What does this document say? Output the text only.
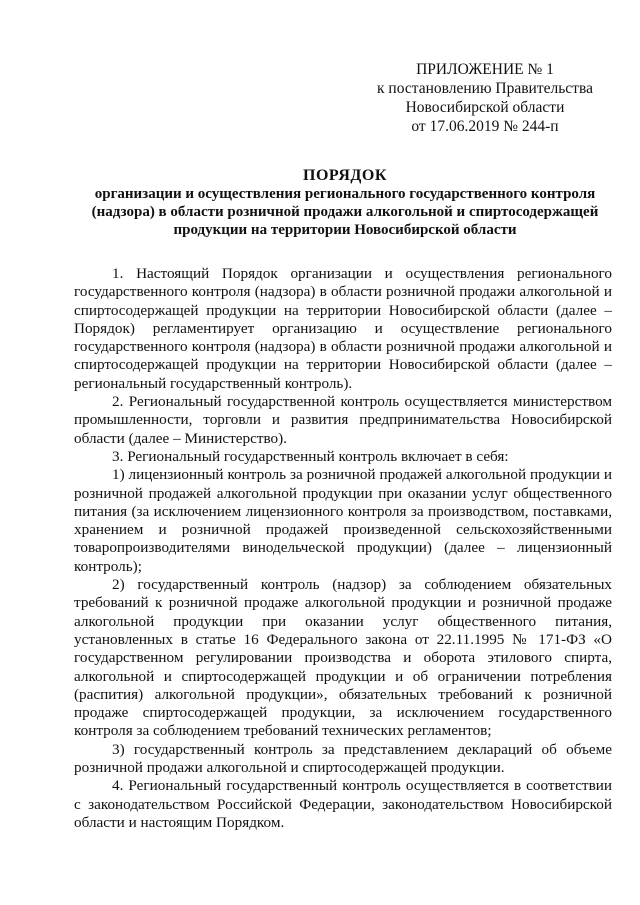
ПРИЛОЖЕНИЕ № 1
к постановлению Правительства
Новосибирской области
от 17.06.2019 № 244-п
ПОРЯДОК
организации и осуществления регионального государственного контроля (надзора) в области розничной продажи алкогольной и спиртосодержащей продукции на территории Новосибирской области

1. Настоящий Порядок организации и осуществления регионального государственного контроля (надзора) в области розничной продажи алкогольной и спиртосодержащей продукции на территории Новосибирской области (далее – Порядок) регламентирует организацию и осуществление регионального государственного контроля (надзора) в области розничной продажи алкогольной и спиртосодержащей продукции на территории Новосибирской области (далее – региональный государственный контроль).

2. Региональный государственной контроль осуществляется министерством промышленности, торговли и развития предпринимательства Новосибирской области (далее – Министерство).

3. Региональный государственный контроль включает в себя:

1) лицензионный контроль за розничной продажей алкогольной продукции и розничной продажей алкогольной продукции при оказании услуг общественного питания (за исключением лицензионного контроля за производством, поставками, хранением и розничной продажей произведенной сельскохозяйственными товаропроизводителями винодельческой продукции) (далее – лицензионный контроль);

2) государственный контроль (надзор) за соблюдением обязательных требований к розничной продаже алкогольной продукции и розничной продаже алкогольной продукции при оказании услуг общественного питания, установленных в статье 16 Федерального закона от 22.11.1995 № 171-ФЗ «О государственном регулировании производства и оборота этилового спирта, алкогольной и спиртосодержащей продукции и об ограничении потребления (распития) алкогольной продукции», обязательных требований к розничной продаже спиртосодержащей продукции, за исключением государственного контроля за соблюдением требований технических регламентов;

3) государственный контроль за представлением деклараций об объеме розничной продажи алкогольной и спиртосодержащей продукции.

4. Региональный государственный контроль осуществляется в соответствии с законодательством Российской Федерации, законодательством Новосибирской области и настоящим Порядком.
